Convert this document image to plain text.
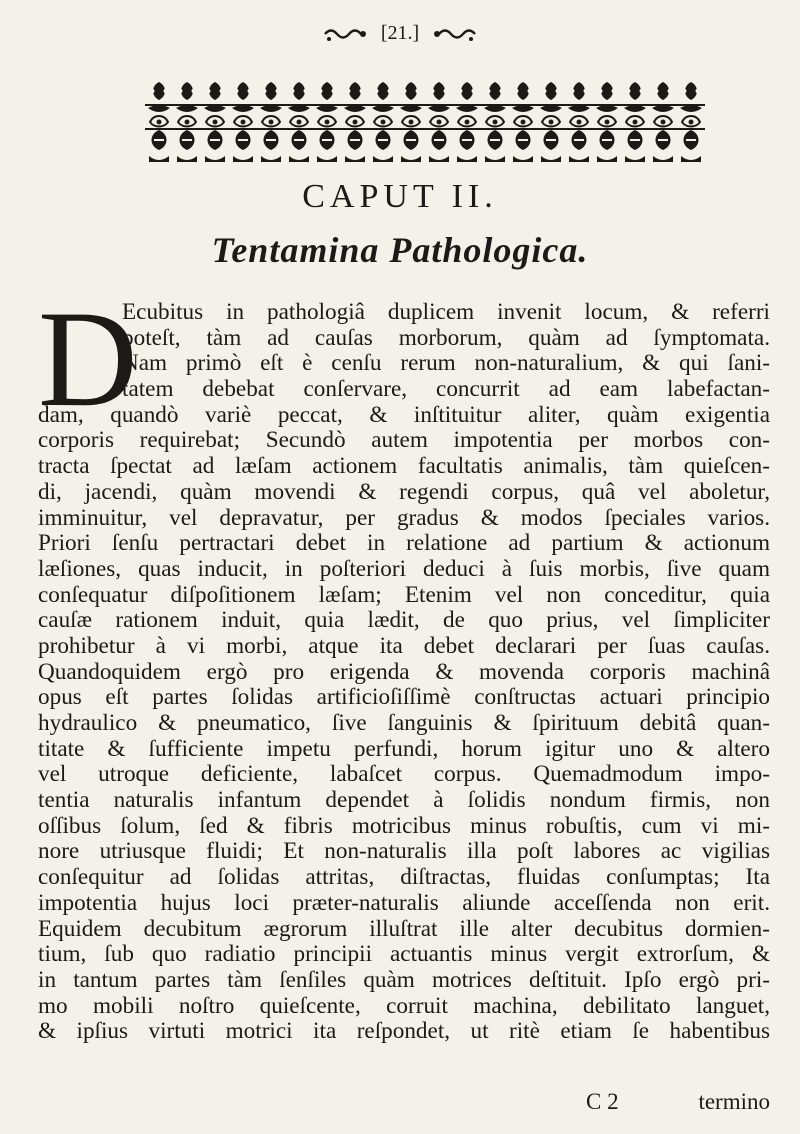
[21.]
CAPUT II.
Tentamina Pathologica.
D
Ecubitus in pathologiâ duplicem invenit locum, & referri
poteſt, tàm ad cauſas morborum, quàm ad ſymptomata.
Nam primò eſt è cenſu rerum non-naturalium, & qui ſani-
tatem debebat conſervare, concurrit ad eam labefactan-
dam, quandò variè peccat, & inſtituitur aliter, quàm exigentia
corporis requirebat; Secundò autem impotentia per morbos con-
tracta ſpectat ad læſam actionem facultatis animalis, tàm quieſcen-
di, jacendi, quàm movendi & regendi corpus, quâ vel aboletur,
imminuitur, vel depravatur, per gradus & modos ſpeciales varios.
Priori ſenſu pertractari debet in relatione ad partium & actionum
læſiones, quas inducit, in poſteriori deduci à ſuis morbis, ſive quam
conſequatur diſpoſitionem læſam; Etenim vel non conceditur, quia
cauſæ rationem induit, quia lædit, de quo prius, vel ſimpliciter
prohibetur à vi morbi, atque ita debet declarari per ſuas cauſas.
Quandoquidem ergò pro erigenda & movenda corporis machinâ
opus eſt partes ſolidas artificioſiſſimè conſtructas actuari principio
hydraulico & pneumatico, ſive ſanguinis & ſpirituum debitâ quan-
titate & ſufficiente impetu perfundi, horum igitur uno & altero
vel utroque deficiente, labaſcet corpus. Quemadmodum impo-
tentia naturalis infantum dependet à ſolidis nondum firmis, non
oſſibus ſolum, ſed & fibris motricibus minus robuſtis, cum vi mi-
nore utriusque fluidi; Et non-naturalis illa poſt labores ac vigilias
conſequitur ad ſolidas attritas, diſtractas, fluidas conſumptas; Ita
impotentia hujus loci præter-naturalis aliunde acceſſenda non erit.
Equidem decubitum ægrorum illuſtrat ille alter decubitus dormien-
tium, ſub quo radiatio principii actuantis minus vergit extrorſum, &
in tantum partes tàm ſenſiles quàm motrices deſtituit. Ipſo ergò pri-
mo mobili noſtro quieſcente, corruit machina, debilitato languet,
& ipſius virtuti motrici ita reſpondet, ut ritè etiam ſe habentibus
C 2	termino
